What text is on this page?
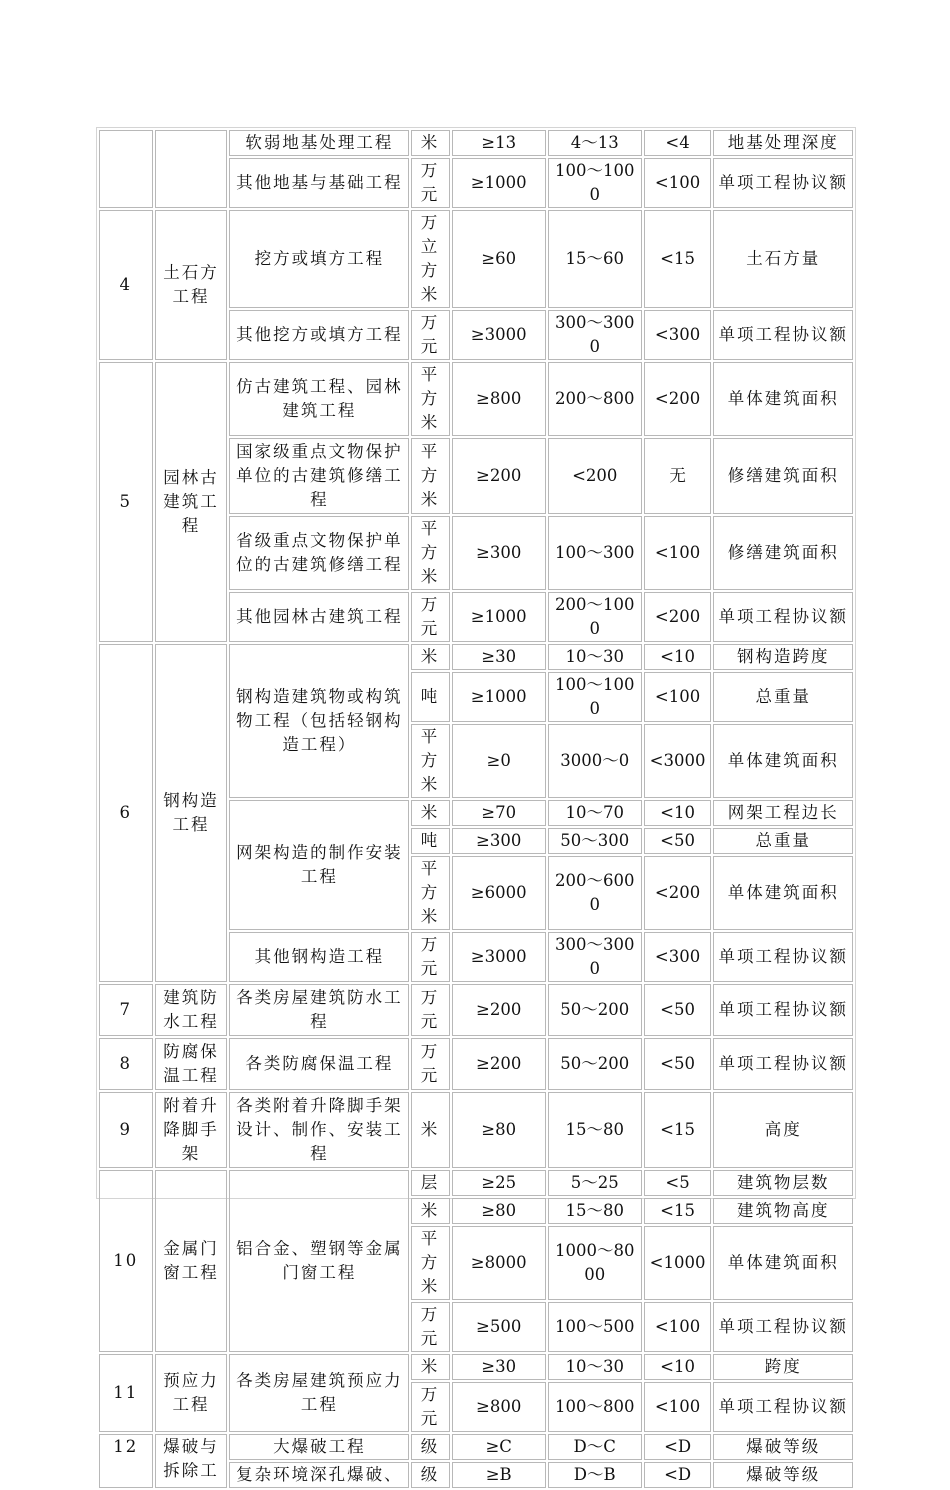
		软弱地基处理工程	米	≥13	4～13	<4	地基处理深度
		其他地基与基础工程	万元	≥1000	100～1000	<100	单项工程协议额
4	土石方工程	挖方或填方工程	万立方米	≥60	15～60	<15	土石方量
		其他挖方或填方工程	万元	≥3000	300～3000	<300	单项工程协议额
5	园林古建筑工程	仿古建筑工程、园林建筑工程	平方米	≥800	200～800	<200	单体建筑面积
		国家级重点文物保护单位的古建筑修缮工程	平方米	≥200	<200	无	修缮建筑面积
		省级重点文物保护单位的古建筑修缮工程	平方米	≥300	100～300	<100	修缮建筑面积
		其他园林古建筑工程	万元	≥1000	200～1000	<200	单项工程协议额
6	钢构造工程	钢构造建筑物或构筑物工程（包括轻钢构造工程）	米	≥30	10～30	<10	钢构造跨度
			吨	≥1000	100～1000	<100	总重量
			平方米	≥0	3000～0	<3000	单体建筑面积
		网架构造的制作安装工程	米	≥70	10～70	<10	网架工程边长
			吨	≥300	50～300	<50	总重量
			平方米	≥6000	200～6000	<200	单体建筑面积
		其他钢构造工程	万元	≥3000	300～3000	<300	单项工程协议额
7	建筑防水工程	各类房屋建筑防水工程	万元	≥200	50～200	<50	单项工程协议额
8	防腐保温工程	各类防腐保温工程	万元	≥200	50～200	<50	单项工程协议额
9	附着升降脚手架	各类附着升降脚手架设计、制作、安装工程	米	≥80	15～80	<15	高度
10	金属门窗工程	铝合金、塑钢等金属门窗工程	层	≥25	5～25	<5	建筑物层数
			米	≥80	15～80	<15	建筑物高度
			平方米	≥8000	1000～8000	<1000	单体建筑面积
			万元	≥500	100～500	<100	单项工程协议额
11	预应力工程	各类房屋建筑预应力工程	米	≥30	10～30	<10	跨度
			万元	≥800	100～800	<100	单项工程协议额
12	爆破与拆除工	大爆破工程	级	≥C	D～C	<D	爆破等级
		复杂环境深孔爆破、	级	≥B	D～B	<D	爆破等级
